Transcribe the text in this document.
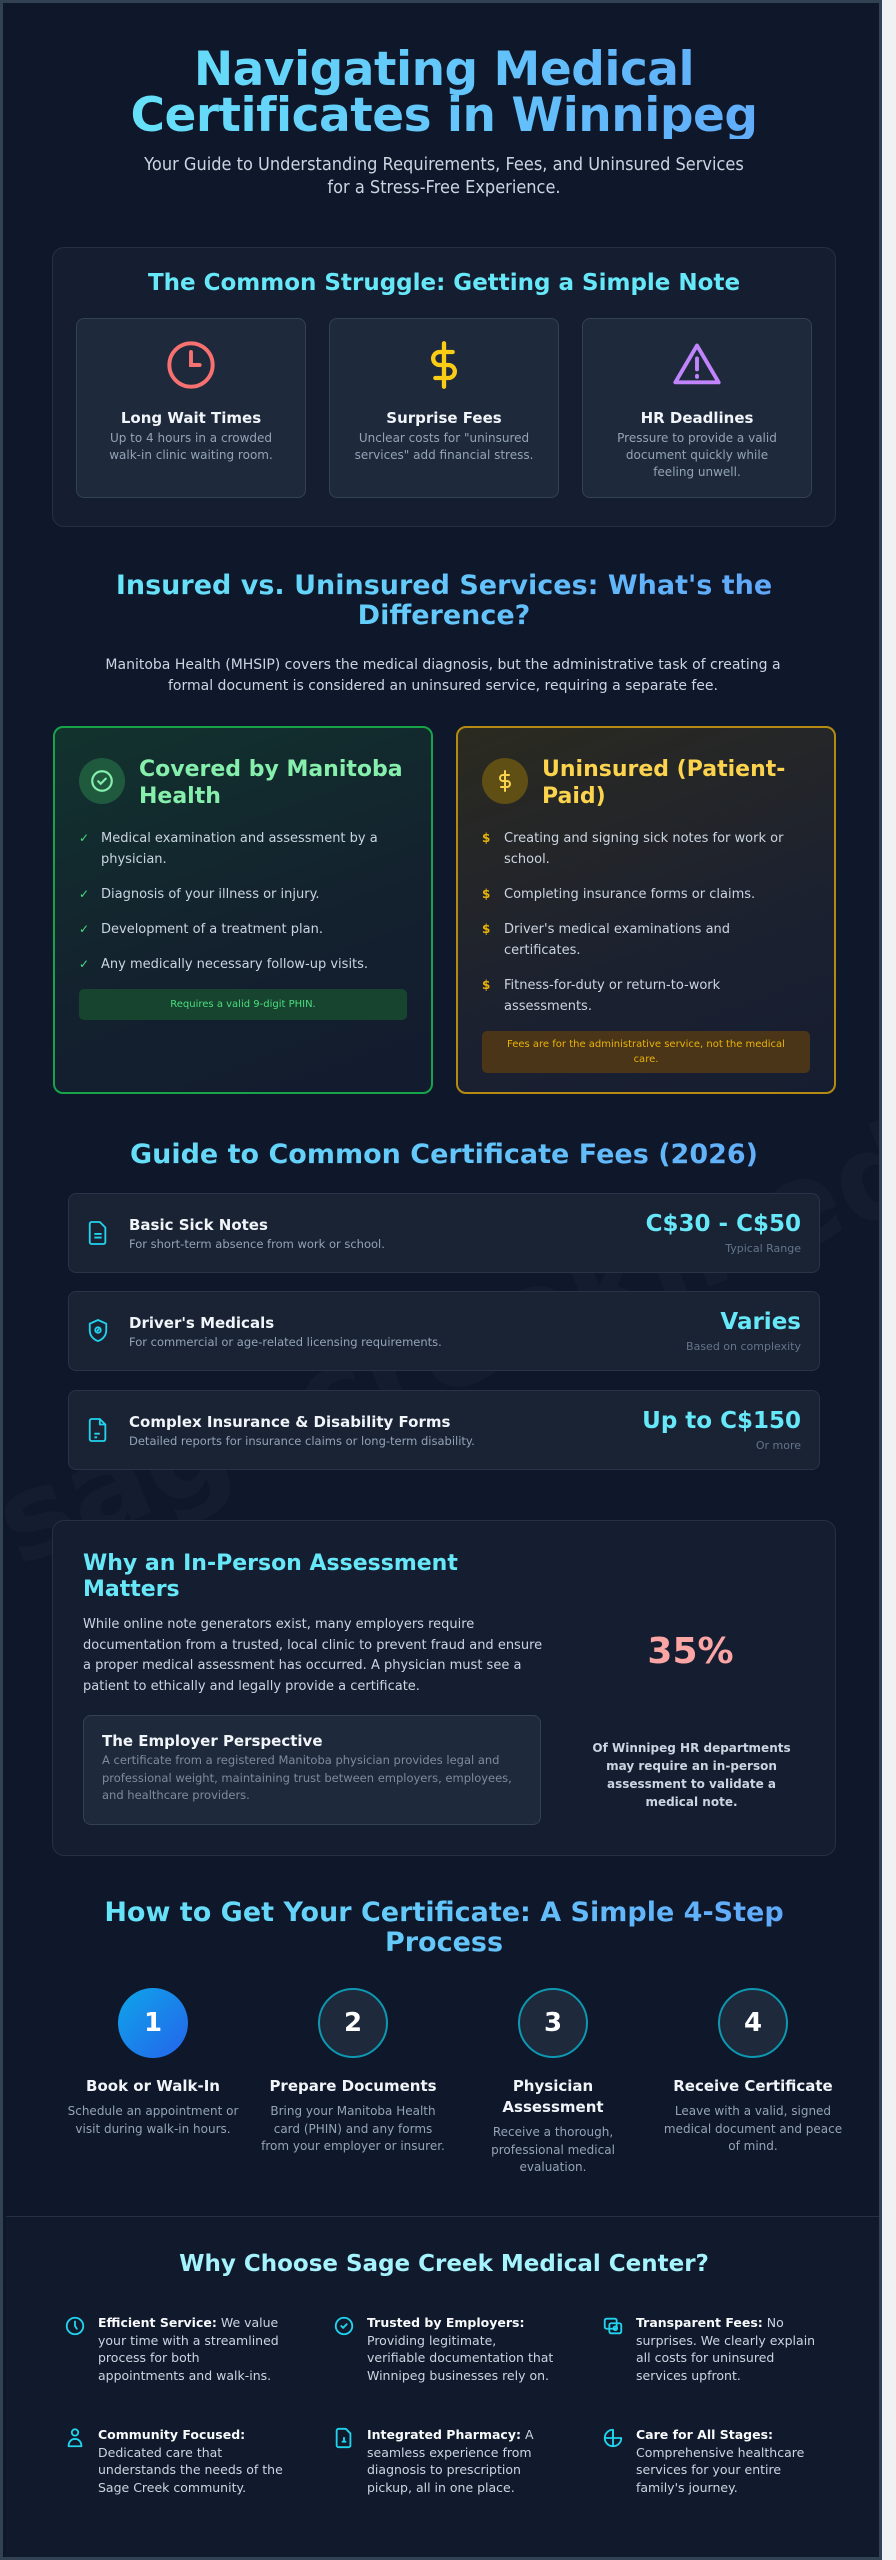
Navigating Medical Certificates in Winnipeg

Your Guide to Understanding Requirements, Fees, and Uninsured Services for a Stress-Free Experience.

The Common Struggle: Getting a Simple Note
Long Wait Times

Up to 4 hours in a crowded walk-in clinic waiting room.

Surprise Fees

Unclear costs for "uninsured services" add financial stress.

HR Deadlines

Pressure to provide a valid document quickly while feeling unwell.

Insured vs. Uninsured Services: What's the Difference?

Manitoba Health (MHSIP) covers the medical diagnosis, but the administrative task of creating a formal document is considered an uninsured service, requiring a separate fee.

Covered by Manitoba Health
✓ Medical examination and assessment by a physician.
✓ Diagnosis of your illness or injury.
✓ Development of a treatment plan.
✓ Any medically necessary follow-up visits.
Requires a valid 9-digit PHIN.
Uninsured (Patient-Paid)
$ Creating and signing sick notes for work or school.
$ Completing insurance forms or claims.
$ Driver's medical examinations and certificates.
$ Fitness-for-duty or return-to-work assessments.
Fees are for the administrative service, not the medical care.
Guide to Common Certificate Fees (2026)
Basic Sick Notes

For short-term absence from work or school.

C$30 - C$50
Typical Range
Driver's Medicals

For commercial or age-related licensing requirements.

Varies
Based on complexity
Complex Insurance & Disability Forms

Detailed reports for insurance claims or long-term disability.

Up to C$150
Or more
Why an In-Person Assessment Matters

While online note generators exist, many employers require documentation from a trusted, local clinic to prevent fraud and ensure a proper medical assessment has occurred. A physician must see a patient to ethically and legally provide a certificate.

The Employer Perspective

A certificate from a registered Manitoba physician provides legal and professional weight, maintaining trust between employers, employees, and healthcare providers.

35%
Of Winnipeg HR departments may require an in-person assessment to validate a medical note.
How to Get Your Certificate: A Simple 4-Step Process
1
Book or Walk-In

Schedule an appointment or visit during walk-in hours.

2
Prepare Documents

Bring your Manitoba Health card (PHIN) and any forms from your employer or insurer.

3
Physician Assessment

Receive a thorough, professional medical evaluation.

4
Receive Certificate

Leave with a valid, signed medical document and peace of mind.

Why Choose Sage Creek Medical Center?

Efficient Service: We value your time with a streamlined process for both appointments and walk-ins.

Trusted by Employers: Providing legitimate, verifiable documentation that Winnipeg businesses rely on.

Transparent Fees: No surprises. We clearly explain all costs for uninsured services upfront.

Community Focused: Dedicated care that understands the needs of the Sage Creek community.

Integrated Pharmacy: A seamless experience from diagnosis to prescription pickup, all in one place.

Care for All Stages: Comprehensive healthcare services for your entire family's journey.
